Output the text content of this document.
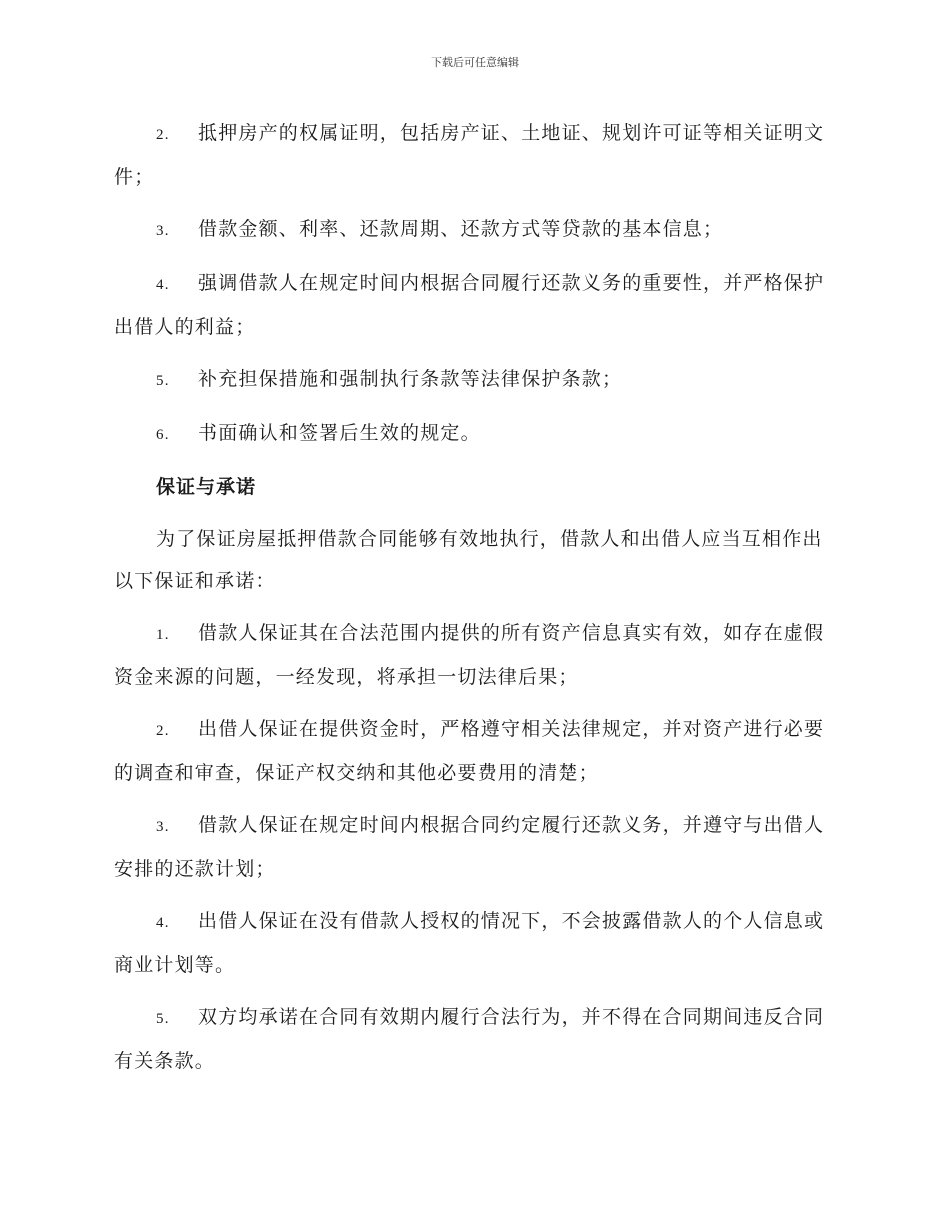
下载后可任意编辑
2. 抵押房产的权属证明，包括房产证、土地证、规划许可证等相关证明文件；
3. 借款金额、利率、还款周期、还款方式等贷款的基本信息；
4. 强调借款人在规定时间内根据合同履行还款义务的重要性，并严格保护出借人的利益；
5. 补充担保措施和强制执行条款等法律保护条款；
6. 书面确认和签署后生效的规定。
保证与承诺
为了保证房屋抵押借款合同能够有效地执行，借款人和出借人应当互相作出以下保证和承诺：
1. 借款人保证其在合法范围内提供的所有资产信息真实有效，如存在虚假资金来源的问题，一经发现，将承担一切法律后果；
2. 出借人保证在提供资金时，严格遵守相关法律规定，并对资产进行必要的调查和审查，保证产权交纳和其他必要费用的清楚；
3. 借款人保证在规定时间内根据合同约定履行还款义务，并遵守与出借人安排的还款计划；
4. 出借人保证在没有借款人授权的情况下，不会披露借款人的个人信息或商业计划等。
5. 双方均承诺在合同有效期内履行合法行为，并不得在合同期间违反合同有关条款。
